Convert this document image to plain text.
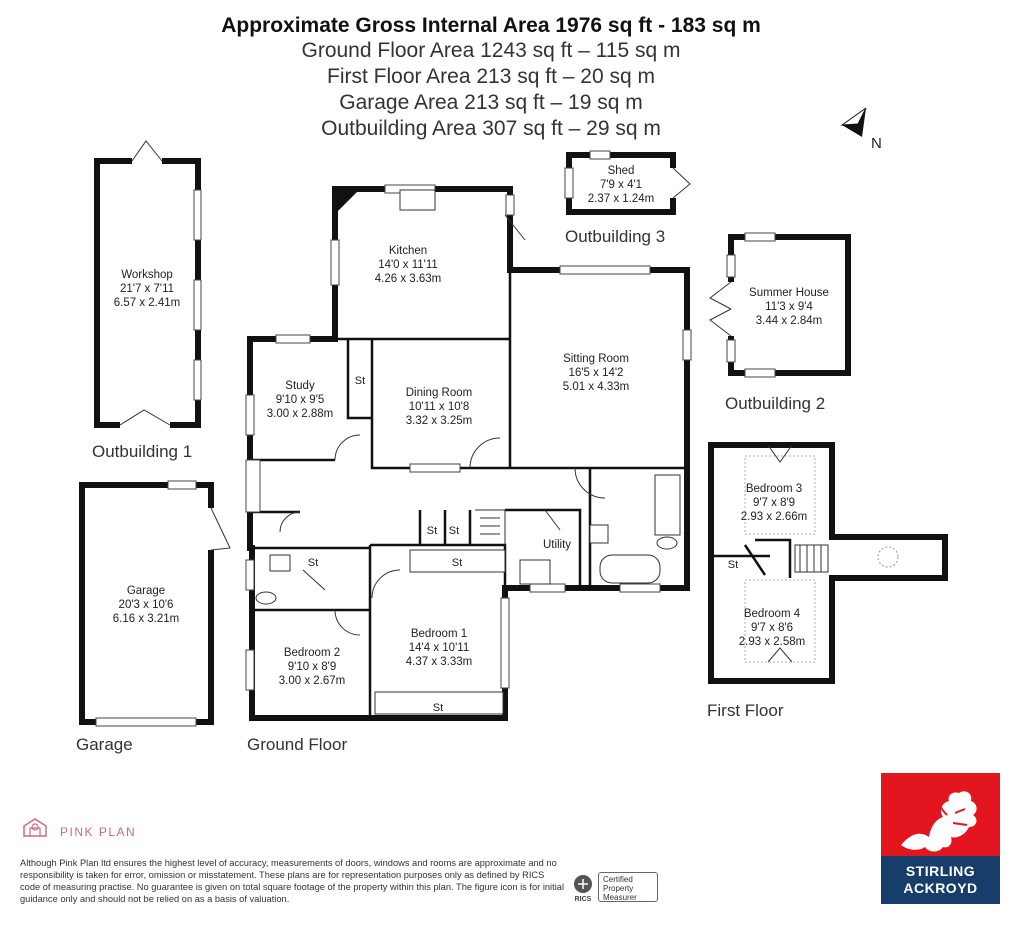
Approximate Gross Internal Area 1976 sq ft - 183 sq m
Ground Floor Area 1243 sq ft – 115 sq m
First Floor Area 213 sq ft – 20 sq m
Garage Area 213 sq ft – 19 sq m
Outbuilding Area 307 sq ft – 29 sq m
N
Workshop
21'7 x 7'11
6.57 x 2.41m
Outbuilding 1
Shed
7'9 x 4'1
2.37 x 1.24m
Outbuilding 3
Summer House
11'3 x 9'4
3.44 x 2.84m
Outbuilding 2
Garage
20'3 x 10'6
6.16 x 3.21m
Garage
Kitchen
14'0 x 11'11
4.26 x 3.63m
Sitting Room
16'5 x 14'2
5.01 x 4.33m
Study
9'10 x 9'5
3.00 x 2.88m
St
Dining Room
10'11 x 10'8
3.32 x 3.25m
St St
St
St
St
Utility
Bedroom 1
14'4 x 10'11
4.37 x 3.33m
Bedroom 2
9'10 x 8'9
3.00 x 2.67m
Ground Floor
Bedroom 3
9'7 x 8'9
2.93 x 2.66m
St
Bedroom 4
9'7 x 8'6
2.93 x 2.58m
First Floor
PINK PLAN
Although Pink Plan ltd ensures the highest level of accuracy, measurements of doors, windows and rooms are approximate and no responsibility is taken for error, omission or misstatement. These plans are for representation purposes only as defined by RICS code of measuring practise. No guarantee is given on total square footage of the property within this plan. The figure icon is for initial guidance only and should not be relied on as a basis of valuation.	RICS
Certified
Property
Measurer
STIRLING
ACKROYD
